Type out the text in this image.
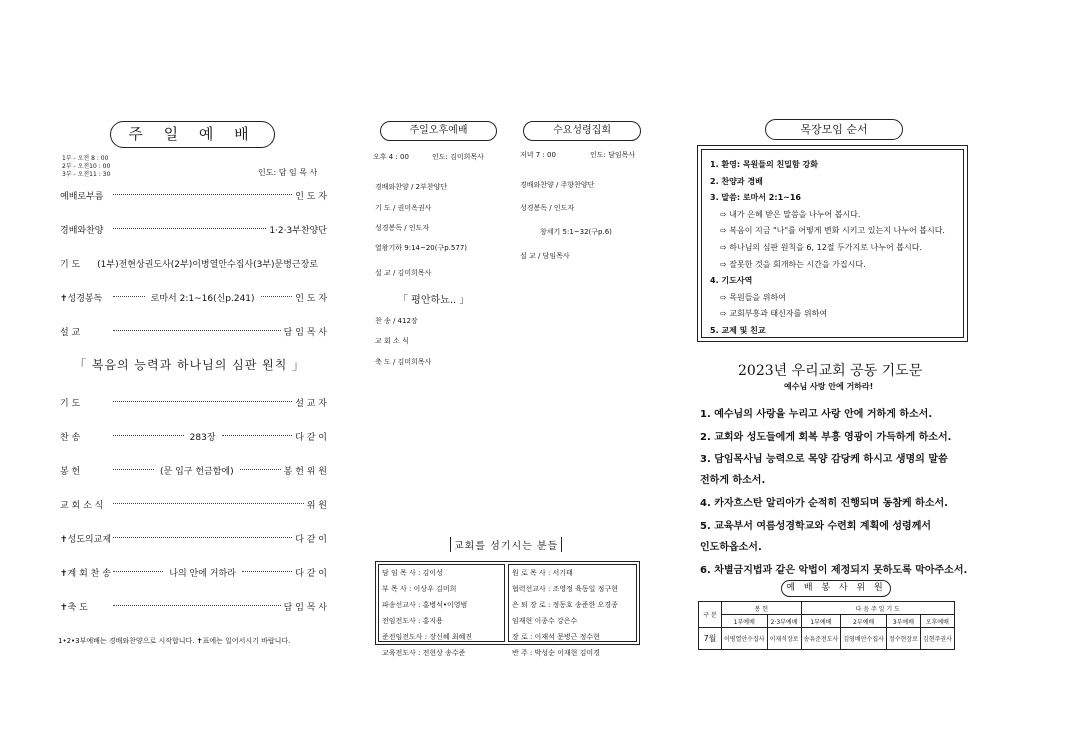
주 일 예 배
1부 - 오전 8 : 00
2부 - 오전10 : 00
3부 - 오전11 : 30	인도: 담 임 목 사
예배로부름	인 도 자
경배와찬양	1·2·3부찬양단
기 도	(1부)전현상권도사(2부)이병열안수집사(3부)문병근장로
✝성경봉독	로마서 2:1~16(신p.241)	인 도 자
설 교	담 임 목 사
「 복음의 능력과 하나님의 심판 원칙 」
기 도	설 교 자
찬 송	283장	다 같 이
봉 헌	(문 입구 헌금함에)	봉 헌 위 원
교 회 소 식	위 원
✝성도의교제	다 같 이
✝계 회 찬 송	나의 안에 거하라	다 같 이
✝축 도	담 임 목 사
1•2•3부예배는 경배와찬양으로 시작합니다. ✝표에는 일어서시기 바랍니다.
주일오후예배
오후 4 : 00	인도: 김미희목사
경배와찬양 / 2부찬양단
기 도 / 권미옥권사
성경봉독 / 인도자
열왕기하 9:14~20(구p.577)
설 교 / 김미희목사
「 평안하뇨.. 」
찬 송 / 412장
교 회 소 식
축 도 / 김미희목사
수요성령집회
저녁 7 : 00	인도: 담임목사
경배와찬양 / 주향찬양단
성경봉독 / 인도자
창세기 5:1~32(구p.6)
설 교 / 담임목사
교회를 섬기시는 분들
담 임 목 사 : 김이성
부 목 사 : 이상우 김미희
파송선교사 : 홍병식•이영범
전임전도사 : 홍지용
준전임전도사 : 장신혜 최혜진
교육전도사 : 전현상 송수준
원 로 목 사 : 서기태
협력선교사 : 조영정 육동일 정구현
은 퇴 장 로 : 정동호 송준한 오경종
임재현 이종수 강은수
장 로 : 이재석 문병근 정수현
반 주 : 박성순 이재현 김미경
목장모임 순서
1. 환영: 목원들의 친밀함 강화
2. 찬양과 경배
3. 말씀: 로마서 2:1~16
⇨ 내가 은혜 받은 말씀을 나누어 봅시다.
⇨ 복음이 지금 "나"를 어떻게 변화 시키고 있는지 나누어 봅시다.
⇨ 하나님의 심판 원칙을 6, 12절 두가지로 나누어 봅시다.
⇨ 잘못한 것을 회개하는 시간을 가집시다.
4. 기도사역
⇨ 목원들을 위하여
⇨ 교회부흥과 태신자를 위하여
5. 교제 및 친교
2023년 우리교회 공동 기도문
예수님 사랑 안에 거하라!
1. 예수님의 사랑을 누리고 사랑 안에 거하게 하소서.
2. 교회와 성도들에게 회복 부흥 영광이 가득하게 하소서.
3. 담임목사님 능력으로 목양 감당케 하시고 생명의 말씀
전하게 하소서.
4. 카자흐스탄 알리아가 순적히 진행되며 동참케 하소서.
5. 교육부서 여름성경학교와 수련회 계획에 성령께서
인도하옵소서.
6. 차별금지법과 같은 악법이 제정되지 못하도록 막아주소서.
예 배 봉 사 위 원
구 분	봉 헌		다 음 주 일 기 도			
	1부예배	2·3부예배	1부예배	2부예배	3부예배	오후예배
7월	이병열안수집사	이재석장로	송유준전도사	김영배안수집사	정수현장로	김현주권사
